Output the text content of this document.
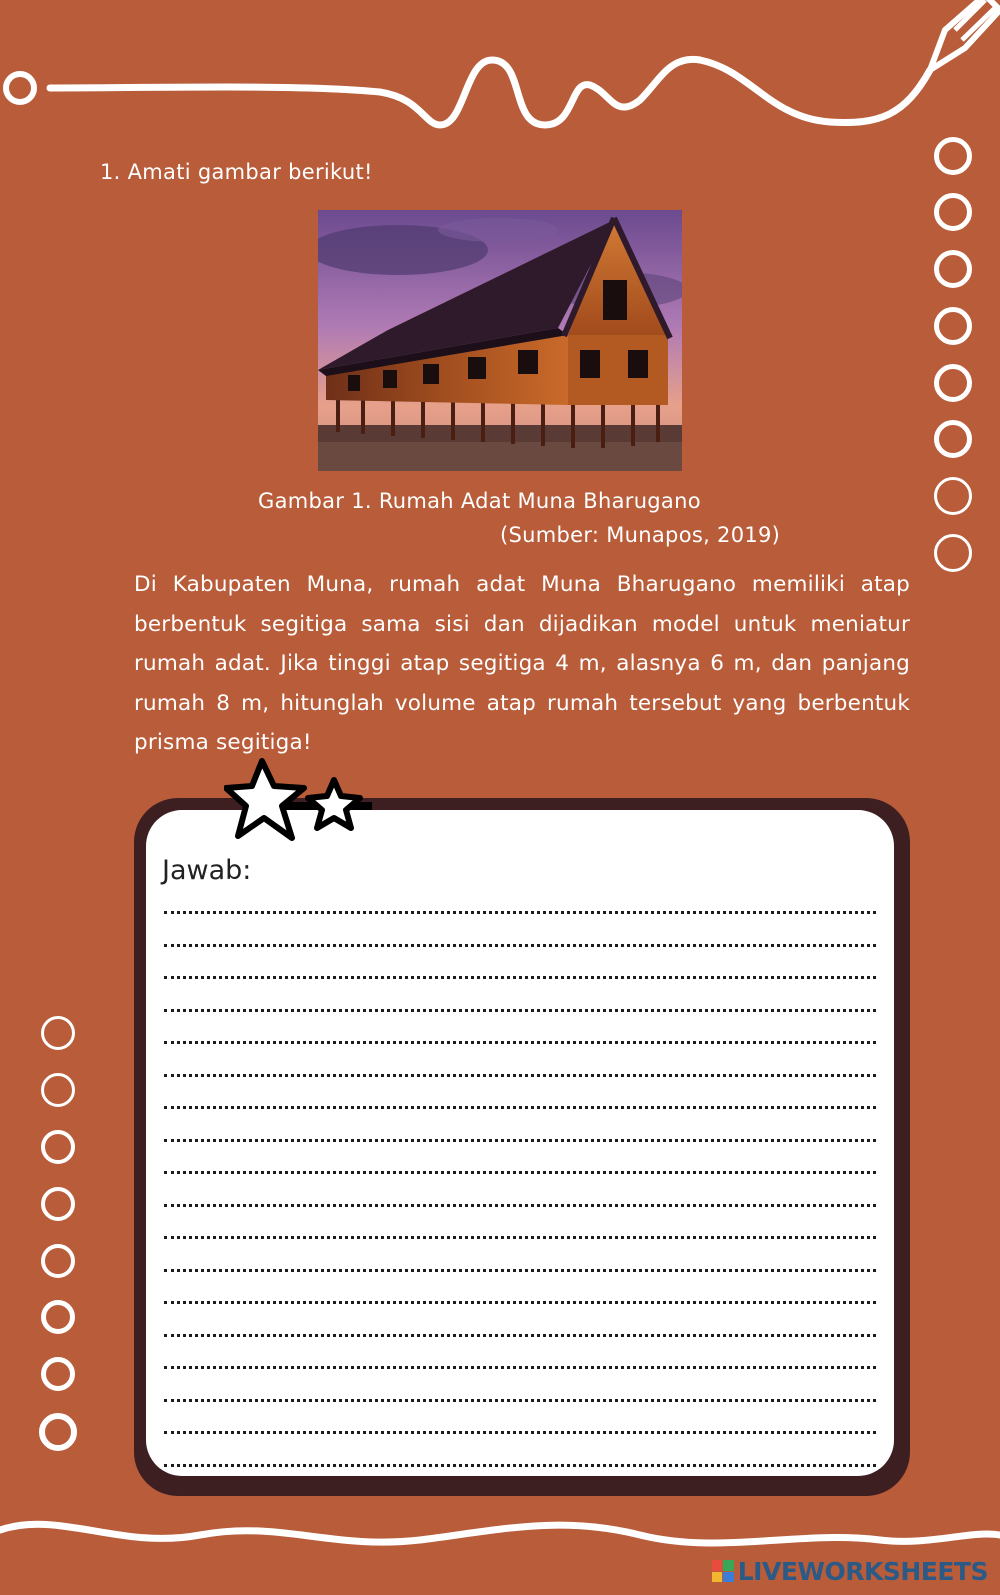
1. Amati gambar berikut!
Gambar 1. Rumah Adat Muna Bharugano
(Sumber: Munapos, 2019)
Di Kabupaten Muna, rumah adat Muna Bharugano memiliki atap berbentuk segitiga sama sisi dan dijadikan model untuk meniatur rumah adat. Jika tinggi atap segitiga 4 m, alasnya 6 m, dan panjang rumah 8 m, hitunglah volume atap rumah tersebut yang berbentuk prisma segitiga!
Jawab:
LIVEWORKSHEETS
